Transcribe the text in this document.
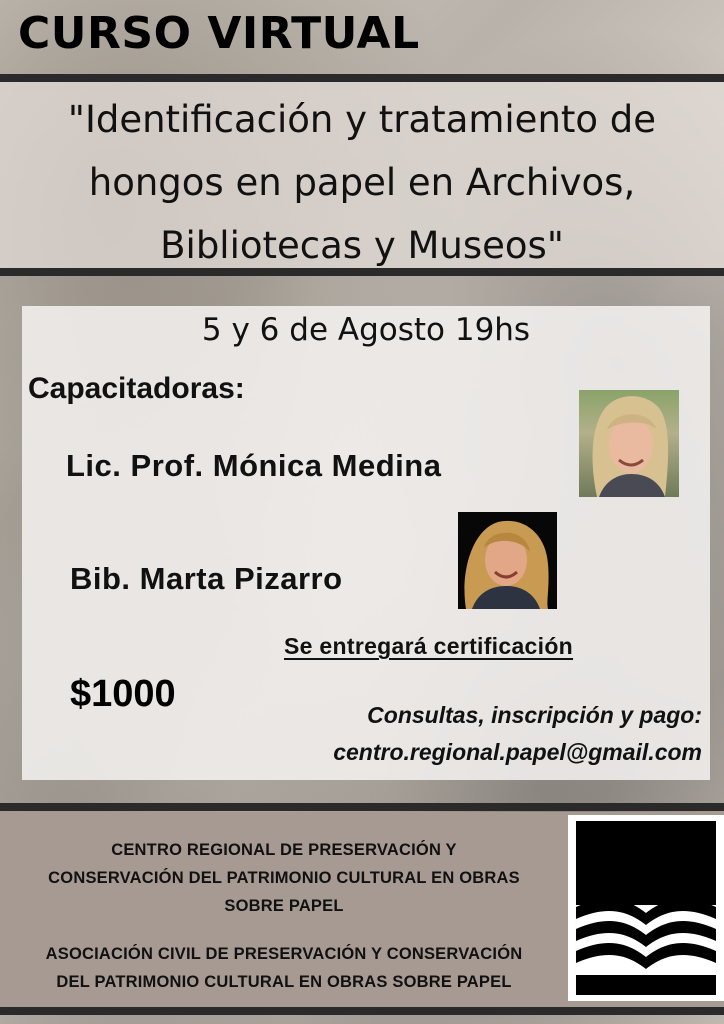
CURSO VIRTUAL
"Identificación y tratamiento de
hongos en papel en Archivos,
Bibliotecas y Museos"
5 y 6 de Agosto 19hs
Capacitadoras:
Lic. Prof. Mónica Medina
Bib. Marta Pizarro
Se entregará certificación
$1000	Consultas, inscripción y pago:
centro.regional.papel@gmail.com
CENTRO REGIONAL DE PRESERVACIÓN Y
CONSERVACIÓN DEL PATRIMONIO CULTURAL EN OBRAS
SOBRE PAPEL
ASOCIACIÓN CIVIL DE PRESERVACIÓN Y CONSERVACIÓN
DEL PATRIMONIO CULTURAL EN OBRAS SOBRE PAPEL
